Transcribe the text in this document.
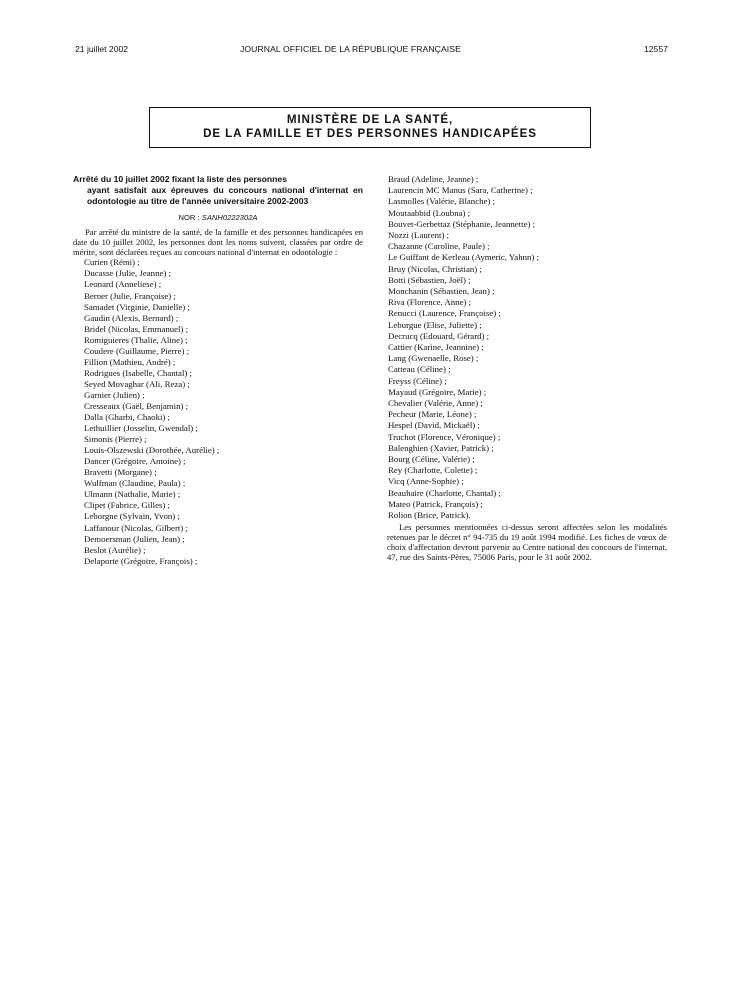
21 juillet 2002	JOURNAL OFFICIEL DE LA RÉPUBLIQUE FRANÇAISE	12557
MINISTÈRE DE LA SANTÉ,
DE LA FAMILLE ET DES PERSONNES HANDICAPÉES

Arrêté du 10 juillet 2002 fixant la liste des personnes
ayant satisfait aux épreuves du concours national d'internat en odontologie au titre de l'année universitaire 2002-2003

NOR : SANH0222302A

Par arrêté du ministre de la santé, de la famille et des personnes handicapées en date du 10 juillet 2002, les personnes dont les noms suivent, classées par ordre de mérite, sont déclarées reçues au concours national d'internat en odontologie :

Curien (Rémi) ;
Ducasse (Julie, Jeanne) ;
Leonard (Anneliese) ;
Berner (Julie, Françoise) ;
Samadet (Virginie, Danielle) ;
Gaudin (Alexis, Bernard) ;
Bridel (Nicolas, Emmanuel) ;
Romiguieres (Thalie, Aline) ;
Coudere (Guillaume, Pierre) ;
Fillion (Mathieu, André) ;
Rodrigues (Isabelle, Chantal) ;
Seyed Movaghar (Ali, Reza) ;
Garnier (Julien) ;
Cresseaux (Gaël, Benjamin) ;
Dalla (Gharbi, Chaoki) ;
Lethuillier (Josselin, Gwendal) ;
Simonis (Pierre) ;
Louis-Olszewski (Dorothée, Aurélie) ;
Dancer (Grégoire, Antoine) ;
Bravetti (Morgane) ;
Wulfman (Claudine, Paula) ;
Ulmann (Nathalie, Marie) ;
Clipet (Fabrice, Gilles) ;
Leborgne (Sylvain, Yvon) ;
Laffanour (Nicolas, Gilbert) ;
Demoersman (Julien, Jean) ;
Beslot (Aurélie) ;
Delaporte (Grégoire, François) ;
Braud (Adeline, Jeanne) ;
Laurencin MC Manus (Sara, Catherine) ;
Lasmolles (Valérie, Blanche) ;
Moutaabbid (Loubna) ;
Bouvet-Gerbettaz (Stéphanie, Jeannette) ;
Nozzi (Laurent) ;
Chazanne (Caroline, Paule) ;
Le Guiffant de Kerleau (Aymeric, Yahnn) ;
Bruy (Nicolas, Christian) ;
Botti (Sébastien, Joël) ;
Monchanin (Sébastien, Jean) ;
Riva (Florence, Anne) ;
Renucci (Laurence, Françoise) ;
Leburgue (Elise, Juliette) ;
Decrucq (Edouard, Gérard) ;
Cattier (Karine, Jeannine) ;
Lang (Gwenaelle, Rose) ;
Catteau (Céline) ;
Freyss (Céline) ;
Mayaud (Grégoire, Marie) ;
Chevalier (Valérie, Anne) ;
Pecheur (Marie, Léone) ;
Hespel (David, Mickaël) ;
Truchot (Florence, Véronique) ;
Balenghien (Xavier, Patrick) ;
Bourg (Céline, Valérie) ;
Rey (Charlotte, Colette) ;
Vicq (Anne-Sophie) ;
Beauhaire (Charlotte, Chantal) ;
Mateo (Patrick, François) ;
Rolion (Brice, Patrick).

Les personnes mentionnées ci-dessus seront affectées selon les modalités retenues par le décret n° 94-735 du 19 août 1994 modifié. Les fiches de vœux de choix d'affectation devront parvenir au Centre national des concours de l'internat, 47, rue des Saints-Pères, 75006 Paris, pour le 31 août 2002.
